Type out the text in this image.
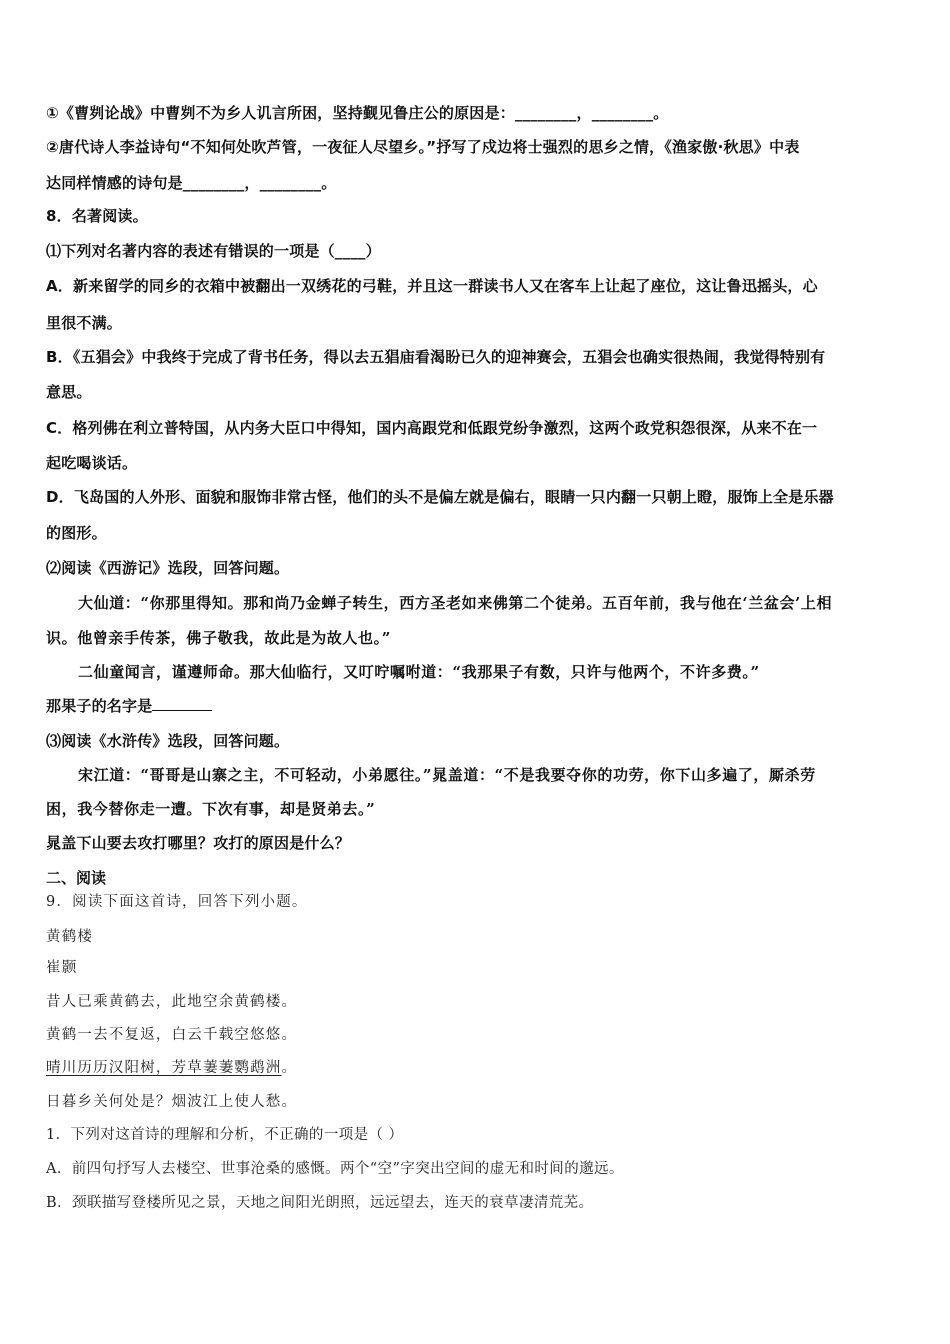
①《曹刿论战》中曹刿不为乡人讥言所困，坚持觐见鲁庄公的原因是：________，________。
②唐代诗人李益诗句“不知何处吹芦管，一夜征人尽望乡。”抒写了戍边将士强烈的思乡之情，《渔家傲·秋思》中表
达同样情感的诗句是________，________。
8．名著阅读。
⑴下列对名著内容的表述有错误的一项是（____）
A．新来留学的同乡的衣箱中被翻出一双绣花的弓鞋，并且这一群读书人又在客车上让起了座位，这让鲁迅摇头，心
里很不满。
B．《五猖会》中我终于完成了背书任务，得以去五猖庙看渴盼已久的迎神赛会，五猖会也确实很热闹，我觉得特别有
意思。
C．格列佛在利立普特国，从内务大臣口中得知，国内高跟党和低跟党纷争激烈，这两个政党积怨很深，从来不在一
起吃喝谈话。
D．飞岛国的人外形、面貌和服饰非常古怪，他们的头不是偏左就是偏右，眼睛一只内翻一只朝上瞪，服饰上全是乐器
的图形。
⑵阅读《西游记》选段，回答问题。
大仙道：“你那里得知。那和尚乃金蝉子转生，西方圣老如来佛第二个徒弟。五百年前，我与他在‘兰盆会’上相
识。他曾亲手传茶，佛子敬我，故此是为故人也。”
二仙童闻言，谨遵师命。那大仙临行，又叮咛嘱咐道：“我那果子有数，只许与他两个，不许多费。”
那果子的名字是
⑶阅读《水浒传》选段，回答问题。
宋江道：“哥哥是山寨之主，不可轻动，小弟愿往。”晁盖道：“不是我要夺你的功劳，你下山多遍了，厮杀劳
困，我今替你走一遭。下次有事，却是贤弟去。”
晁盖下山要去攻打哪里？攻打的原因是什么？
二、阅读
9．阅读下面这首诗，回答下列小题。
黄鹤楼
崔颢
昔人已乘黄鹤去，此地空余黄鹤楼。
黄鹤一去不复返，白云千载空悠悠。
晴川历历汉阳树，芳草萋萋鹦鹉洲。
日暮乡关何处是？烟波江上使人愁。
1．下列对这首诗的理解和分析，不正确的一项是（ ）
A．前四句抒写人去楼空、世事沧桑的感慨。两个“空”字突出空间的虚无和时间的邈远。
B．颈联描写登楼所见之景，天地之间阳光朗照，远远望去，连天的衰草凄清荒芜。
